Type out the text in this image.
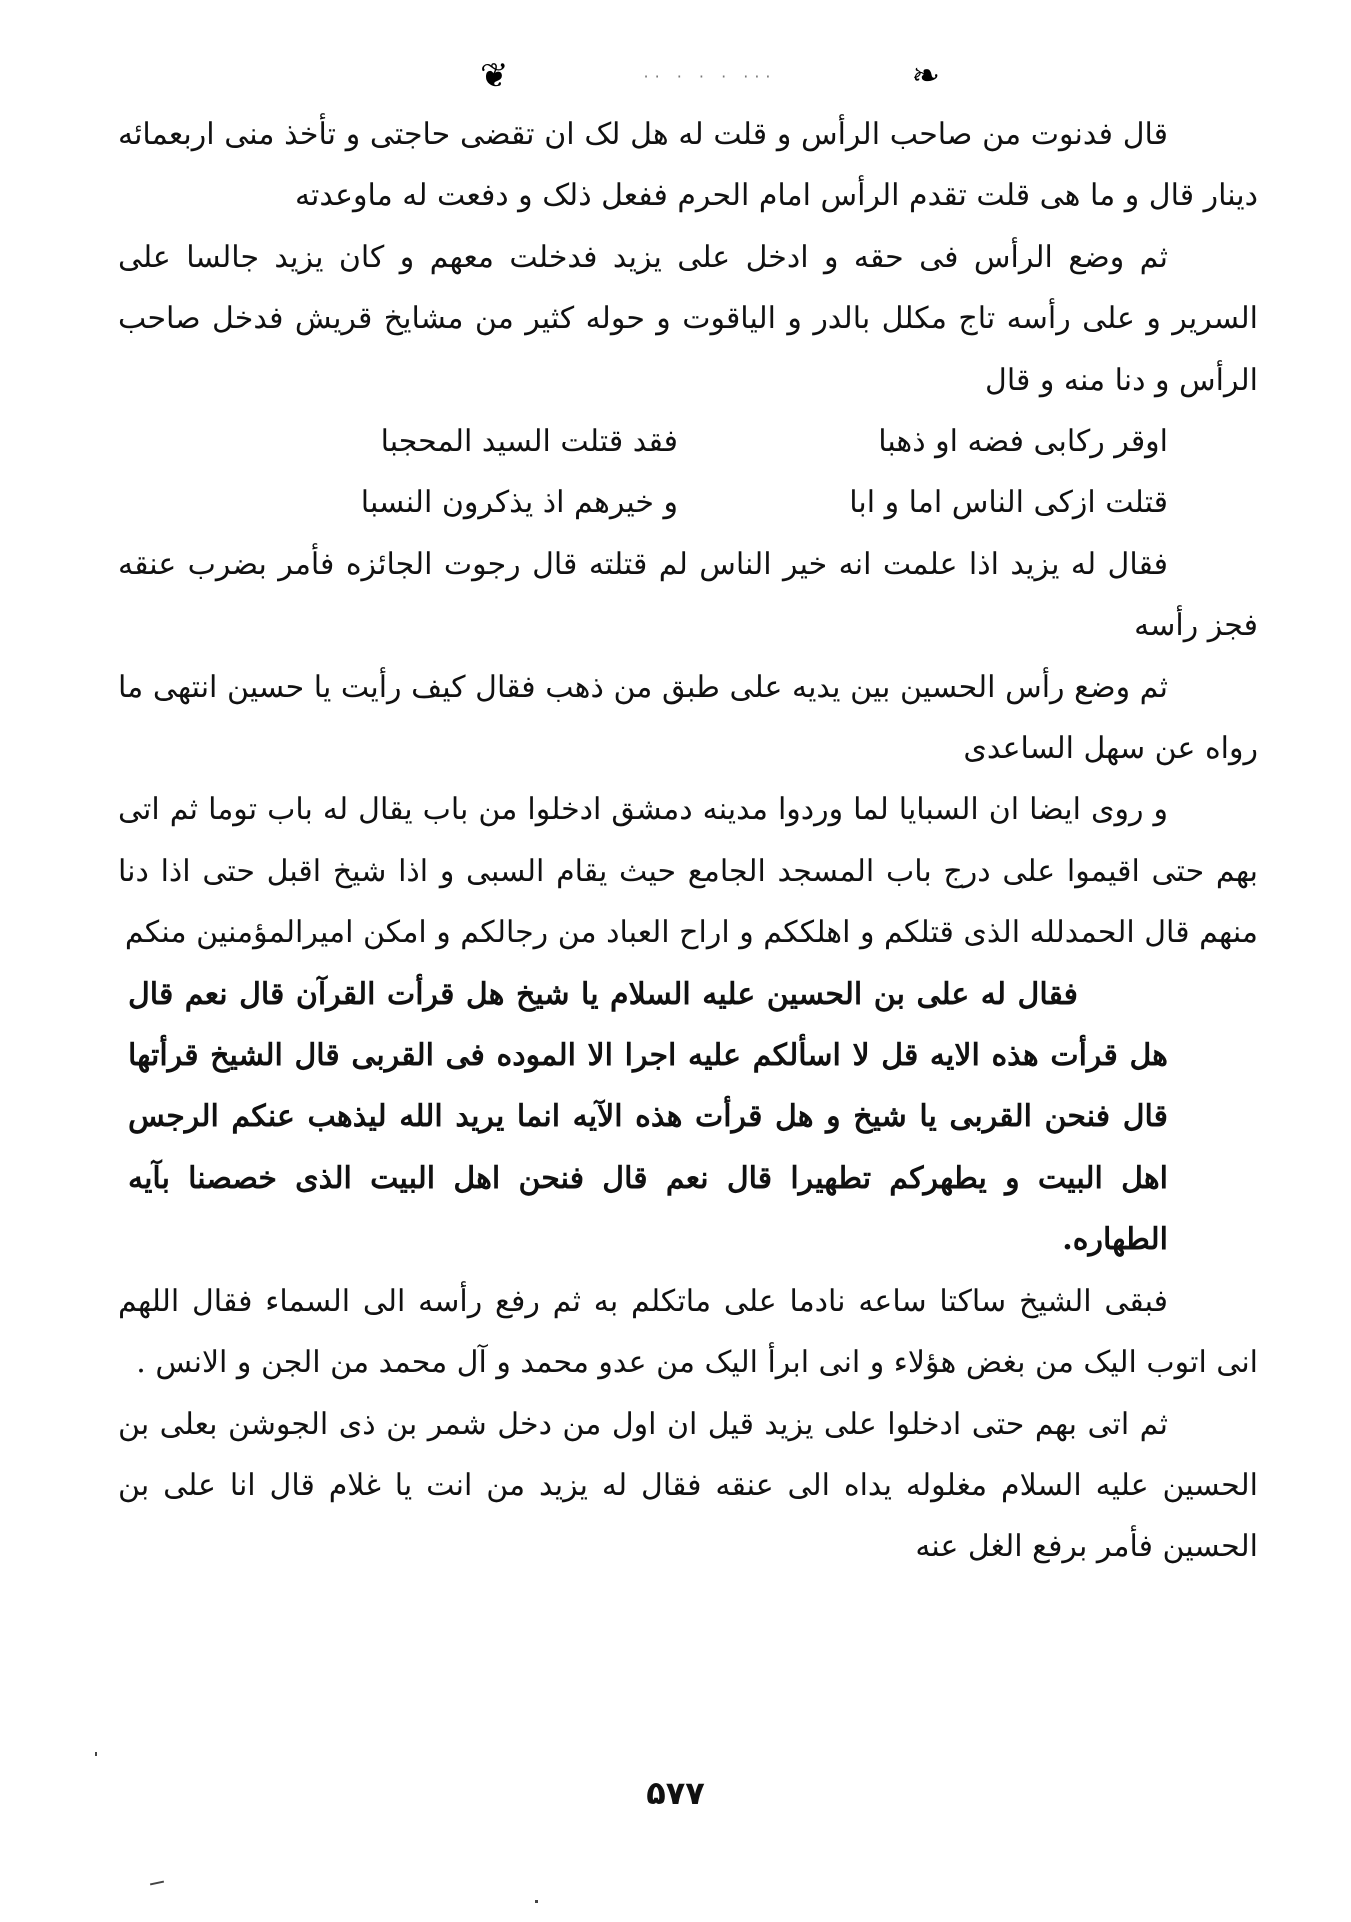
❦	··· · · · ··	❧

قال فدنوت من صاحب الرأس و قلت له هل لک ان تقضی حاجتی و تأخذ منی اربعمائه دینار قال و ما هی قلت تقدم الرأس امام الحرم ففعل ذلک و دفعت له ماوعدته

ثم وضع الرأس فی حقه و ادخل علی یزید فدخلت معهم و کان یزید جالسا علی السریر و علی رأسه تاج مکلل بالدر و الیاقوت و حوله کثیر من مشایخ قریش فدخل صاحب الرأس و دنا منه و قال

اوقر رکابی فضه او ذهبا
فقد قتلت السید المحجبا
قتلت ازکی الناس اما و ابا
و خیرهم اذ یذکرون النسبا

فقال له یزید اذا علمت انه خیر الناس لم قتلته قال رجوت الجائزه فأمر بضرب عنقه فجز رأسه

ثم وضع رأس الحسین بین یدیه علی طبق من ذهب فقال کیف رأیت یا حسین انتهی ما رواه عن سهل الساعدی

و روی ایضا ان السبایا لما وردوا مدینه دمشق ادخلوا من باب یقال له باب توما ثم اتی بهم حتی اقیموا علی درج باب المسجد الجامع حیث یقام السبی و اذا شیخ اقبل حتی اذا دنا منهم قال الحمدلله الذی قتلکم و اهلککم و اراح العباد من رجالکم و امکن امیرالمؤمنین منکم

فقال له علی بن الحسین علیه السلام یا شیخ هل قرأت القرآن قال نعم قال هل قرأت هذه الایه قل لا اسألکم علیه اجرا الا الموده فی القربی قال الشیخ قرأتها قال فنحن القربی یا شیخ و هل قرأت هذه الآیه انما یرید الله لیذهب عنکم الرجس اهل البیت و یطهرکم تطهیرا قال نعم قال فنحن اهل البیت الذی خصصنا بآیه الطهاره.

فبقی الشیخ ساکتا ساعه نادما علی ماتکلم به ثم رفع رأسه الی السماء فقال اللهم انی اتوب الیک من بغض هؤلاء و انی ابرأ الیک من عدو محمد و آل محمد من الجن و الانس .

ثم اتی بهم حتی ادخلوا علی یزید قیل ان اول من دخل شمر بن ذی الجوشن بعلی بن الحسین علیه السلام مغلوله یداه الی عنقه فقال له یزید من انت یا غلام قال انا علی بن الحسین فأمر برفع الغل عنه

۵۷۷
